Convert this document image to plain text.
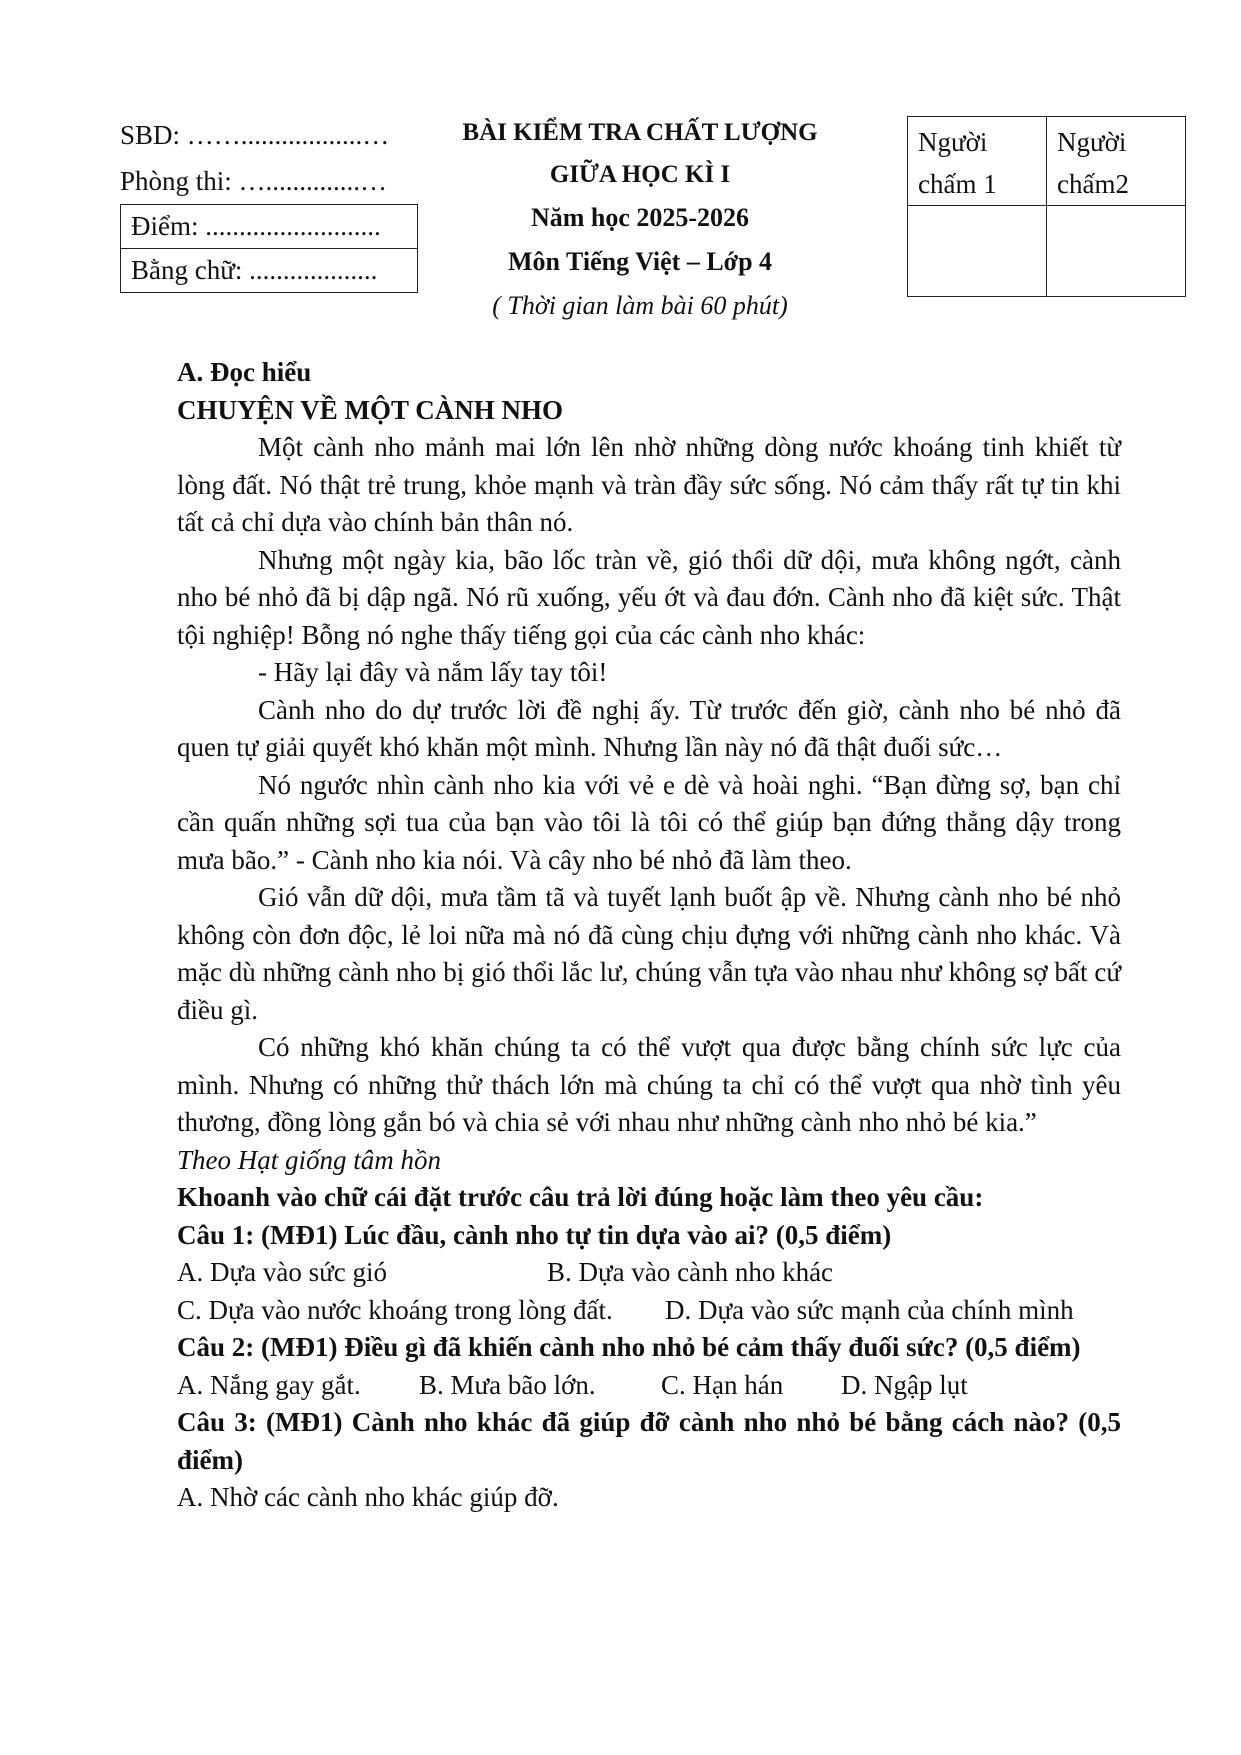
SBD: ……..................…
Phòng thi: …..............…
Điểm: ..........................
Bằng chữ: ...................
BÀI KIỂM TRA CHẤT LƯỢNG
GIỮA HỌC KÌ I
Năm học 2025-2026
Môn Tiếng Việt – Lớp 4
( Thời gian làm bài 60 phút)
Người
chấm 1	Người
chấm2

A. Đọc hiểu

CHUYỆN VỀ MỘT CÀNH NHO

Một cành nho mảnh mai lớn lên nhờ những dòng nước khoáng tinh khiết từ lòng đất. Nó thật trẻ trung, khỏe mạnh và tràn đầy sức sống. Nó cảm thấy rất tự tin khi tất cả chỉ dựa vào chính bản thân nó.

Nhưng một ngày kia, bão lốc tràn về, gió thổi dữ dội, mưa không ngớt, cành nho bé nhỏ đã bị dập ngã. Nó rũ xuống, yếu ớt và đau đớn. Cành nho đã kiệt sức. Thật tội nghiệp! Bỗng nó nghe thấy tiếng gọi của các cành nho khác:

- Hãy lại đây và nắm lấy tay tôi!

Cành nho do dự trước lời đề nghị ấy. Từ trước đến giờ, cành nho bé nhỏ đã quen tự giải quyết khó khăn một mình. Nhưng lần này nó đã thật đuối sức…

Nó ngước nhìn cành nho kia với vẻ e dè và hoài nghi. “Bạn đừng sợ, bạn chỉ cần quấn những sợi tua của bạn vào tôi là tôi có thể giúp bạn đứng thẳng dậy trong mưa bão.” - Cành nho kia nói. Và cây nho bé nhỏ đã làm theo.

Gió vẫn dữ dội, mưa tầm tã và tuyết lạnh buốt ập về. Nhưng cành nho bé nhỏ không còn đơn độc, lẻ loi nữa mà nó đã cùng chịu đựng với những cành nho khác. Và mặc dù những cành nho bị gió thổi lắc lư, chúng vẫn tựa vào nhau như không sợ bất cứ điều gì.

Có những khó khăn chúng ta có thể vượt qua được bằng chính sức lực của mình. Nhưng có những thử thách lớn mà chúng ta chỉ có thể vượt qua nhờ tình yêu thương, đồng lòng gắn bó và chia sẻ với nhau như những cành nho nhỏ bé kia.”

Theo Hạt giống tâm hồn

Khoanh vào chữ cái đặt trước câu trả lời đúng hoặc làm theo yêu cầu:

Câu 1: (MĐ1) Lúc đầu, cành nho tự tin dựa vào ai? (0,5 điểm)

A. Dựa vào sức gió	B. Dựa vào cành nho khác
C. Dựa vào nước khoáng trong lòng đất.	D. Dựa vào sức mạnh của chính mình

Câu 2: (MĐ1) Điều gì đã khiến cành nho nhỏ bé cảm thấy đuối sức? (0,5 điểm)

A. Nắng gay gắt.	B. Mưa bão lớn.	C. Hạn hán	D. Ngập lụt

Câu 3: (MĐ1) Cành nho khác đã giúp đỡ cành nho nhỏ bé bằng cách nào? (0,5 điểm)

A. Nhờ các cành nho khác giúp đỡ.
